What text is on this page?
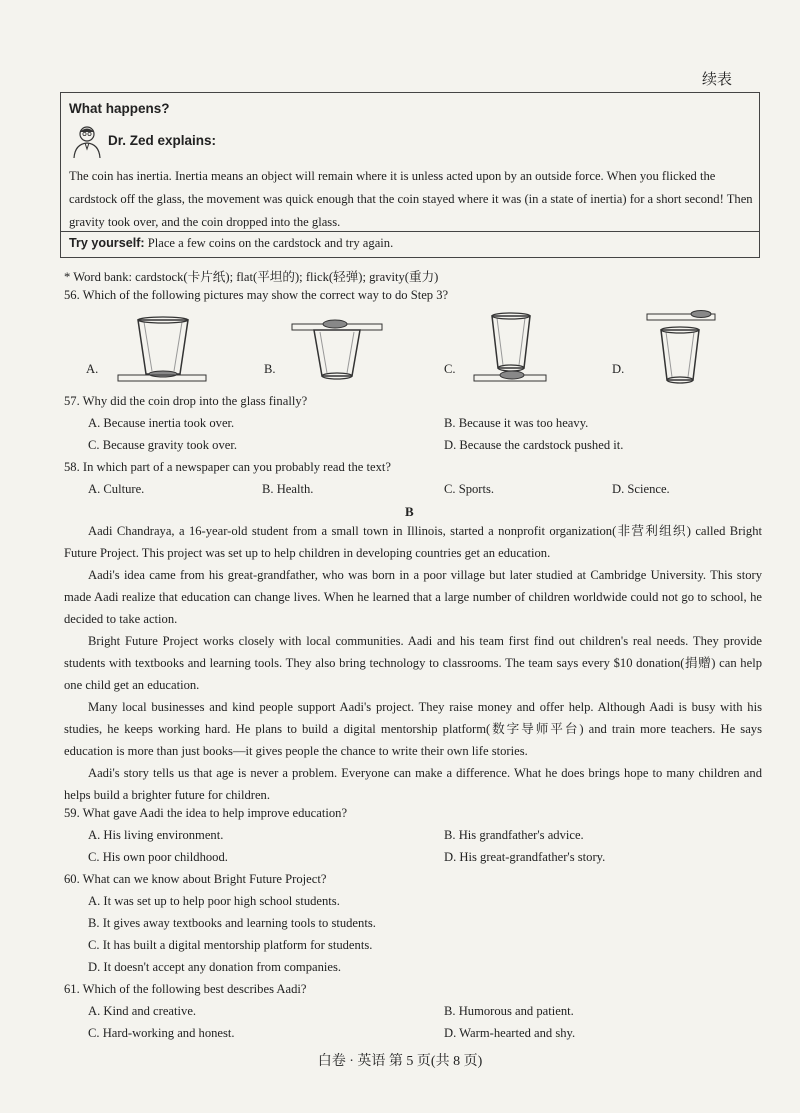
续表
What happens?
Dr. Zed explains:
The coin has inertia. Inertia means an object will remain where it is unless acted upon by an outside force. When you flicked the cardstock off the glass, the movement was quick enough that the coin stayed where it was (in a state of inertia) for a short second! Then gravity took over, and the coin dropped into the glass.
Try yourself: Place a few coins on the cardstock and try again.
* Word bank: cardstock(卡片纸); flat(平坦的); flick(轻弹); gravity(重力)
56. Which of the following pictures may show the correct way to do Step 3?
A.	B.	C.	D.
57. Why did the coin drop into the glass finally?
A. Because inertia took over.	B. Because it was too heavy.
C. Because gravity took over.	D. Because the cardstock pushed it.
58. In which part of a newspaper can you probably read the text?
A. Culture.	B. Health.	C. Sports.	D. Science.
B
Aadi Chandraya, a 16-year-old student from a small town in Illinois, started a nonprofit organization(非营利组织) called Bright Future Project. This project was set up to help children in developing countries get an education.
Aadi's idea came from his great-grandfather, who was born in a poor village but later studied at Cambridge University. This story made Aadi realize that education can change lives. When he learned that a large number of children worldwide could not go to school, he decided to take action.
Bright Future Project works closely with local communities. Aadi and his team first find out children's real needs. They provide students with textbooks and learning tools. They also bring technology to classrooms. The team says every $10 donation(捐赠) can help one child get an education.
Many local businesses and kind people support Aadi's project. They raise money and offer help. Although Aadi is busy with his studies, he keeps working hard. He plans to build a digital mentorship platform(数字导师平台) and train more teachers. He says education is more than just books—it gives people the chance to write their own life stories.
Aadi's story tells us that age is never a problem. Everyone can make a difference. What he does brings hope to many children and helps build a brighter future for children.
59. What gave Aadi the idea to help improve education?
A. His living environment.	B. His grandfather's advice.
C. His own poor childhood.	D. His great-grandfather's story.
60. What can we know about Bright Future Project?
A. It was set up to help poor high school students.
B. It gives away textbooks and learning tools to students.
C. It has built a digital mentorship platform for students.
D. It doesn't accept any donation from companies.
61. Which of the following best describes Aadi?
A. Kind and creative.	B. Humorous and patient.
C. Hard-working and honest.	D. Warm-hearted and shy.
白卷 · 英语 第 5 页(共 8 页)
